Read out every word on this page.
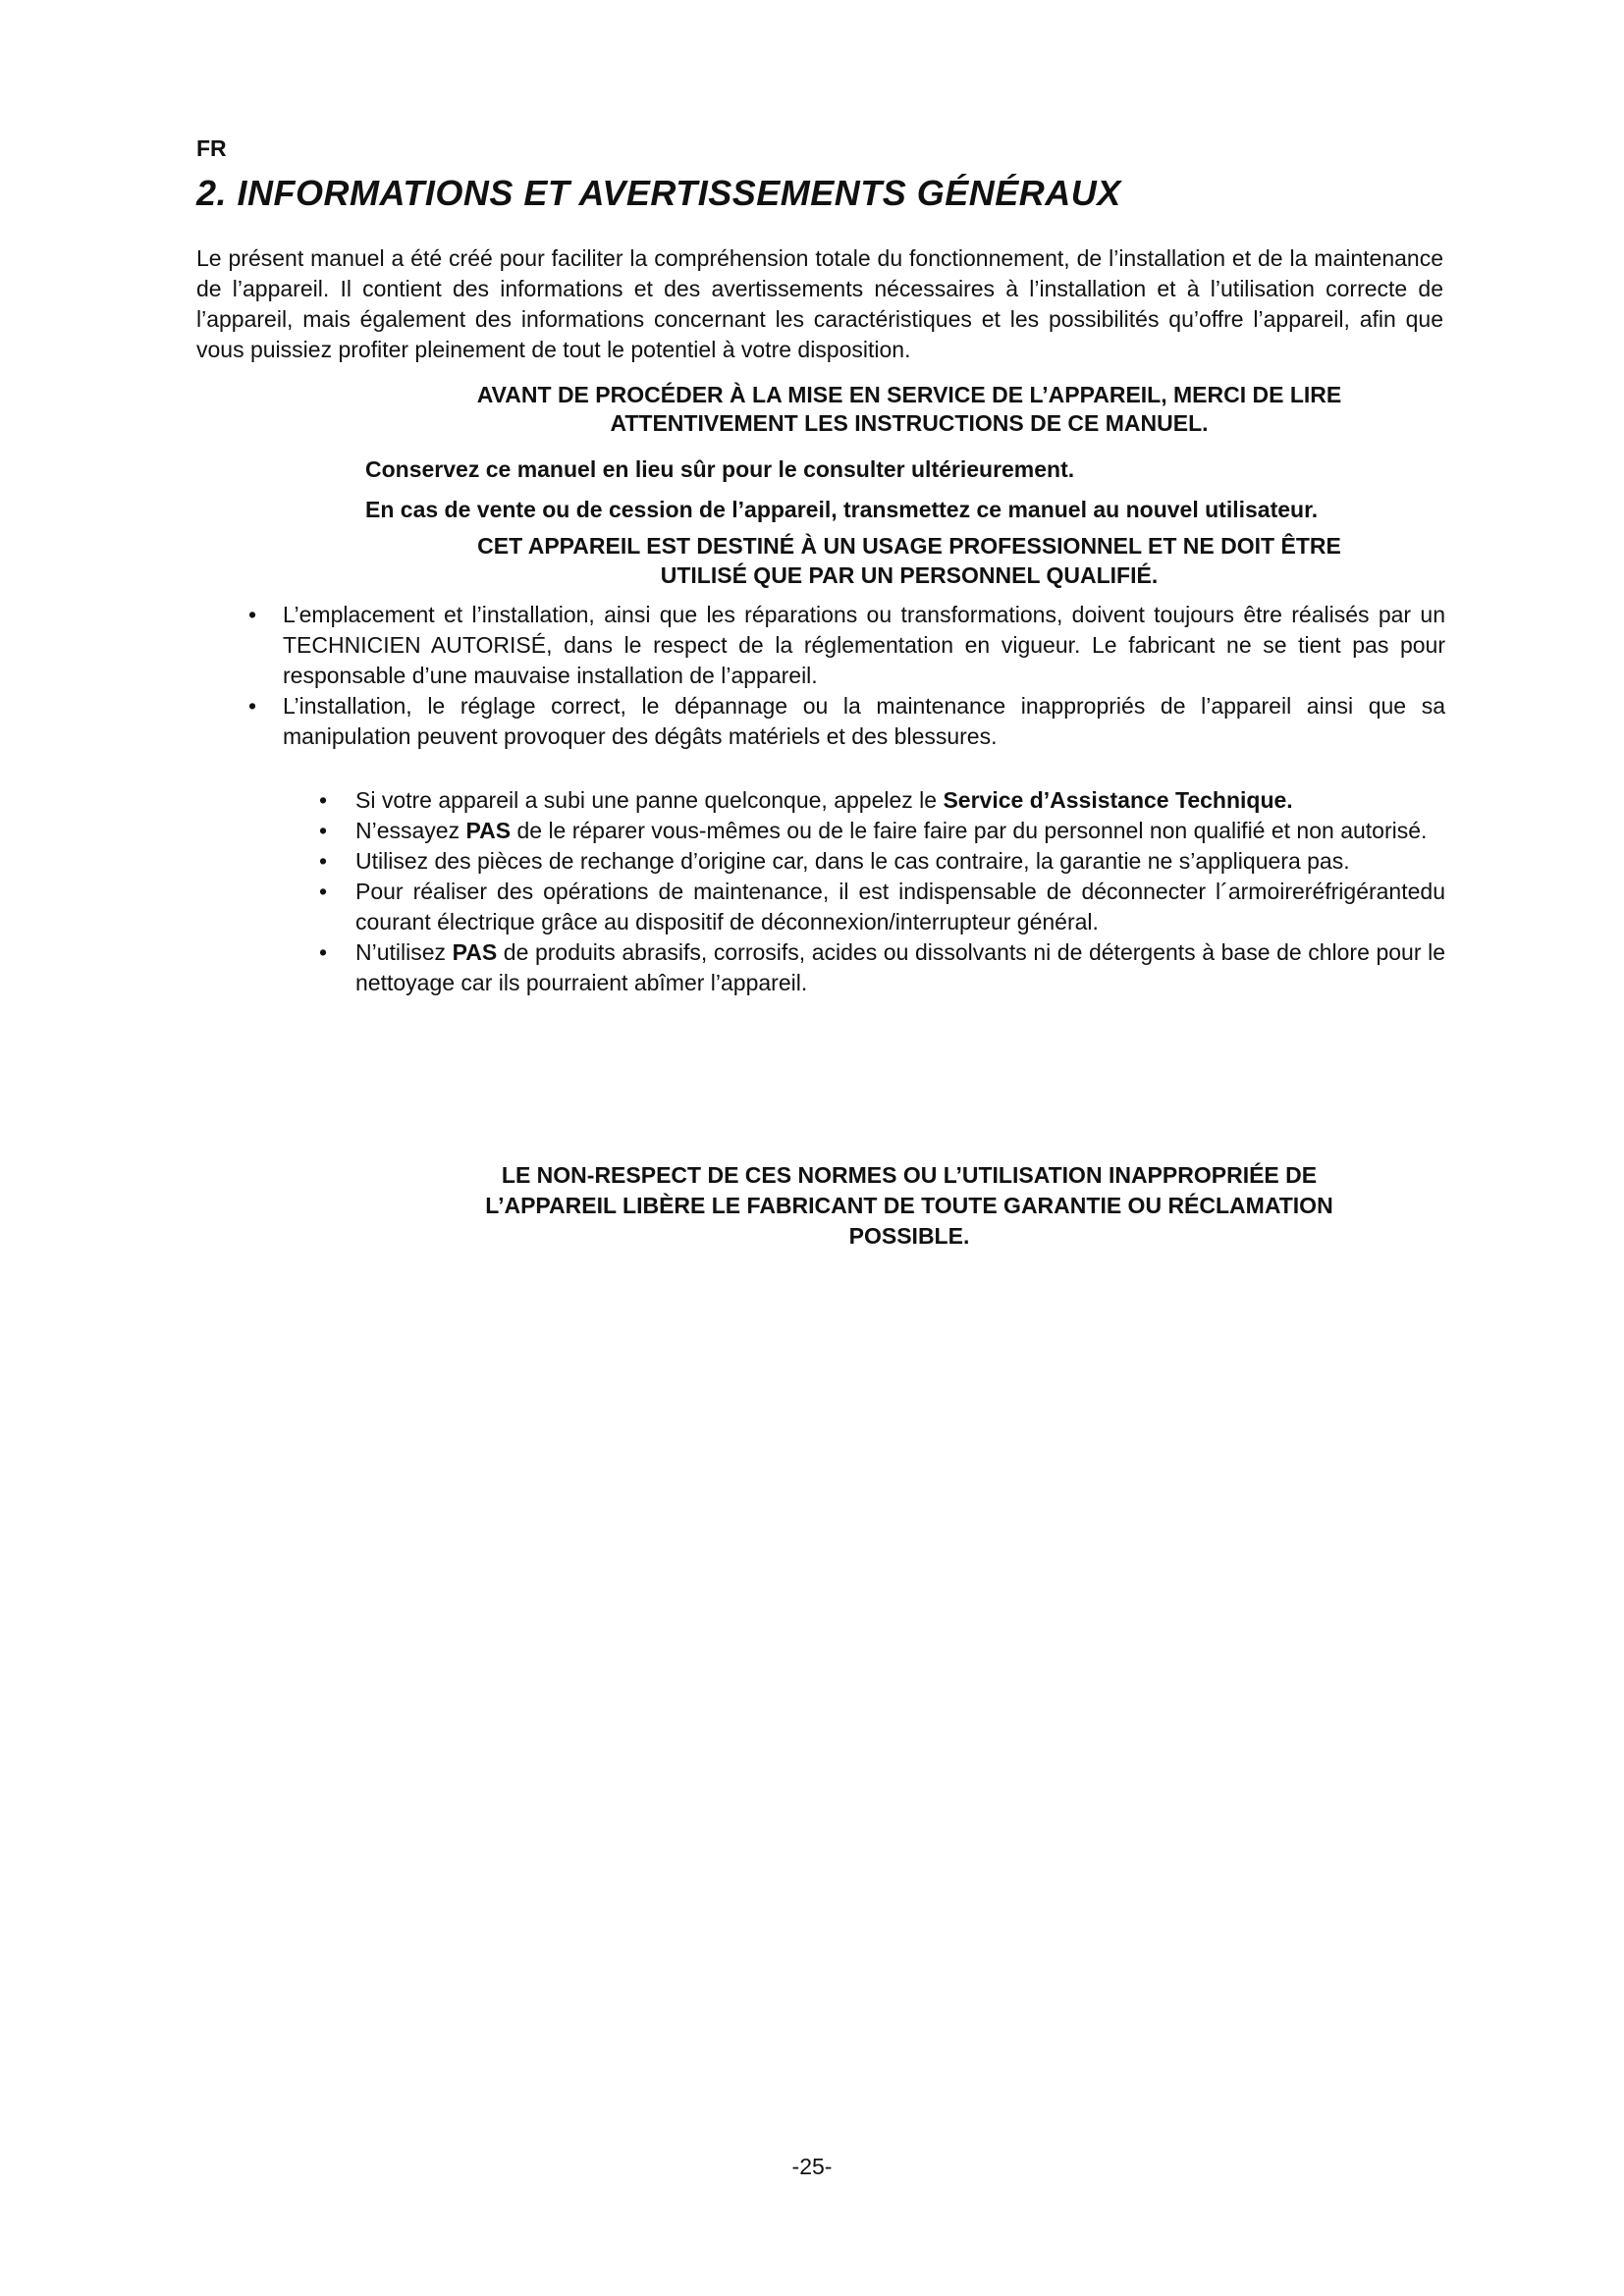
FR
2. INFORMATIONS ET AVERTISSEMENTS GÉNÉRAUX

Le présent manuel a été créé pour faciliter la compréhension totale du fonctionnement, de l’installation et de la maintenance de l’appareil. Il contient des informations et des avertissements nécessaires à l’installation et à l’utilisation correcte de l’appareil, mais également des informations concernant les caractéristiques et les possibilités qu’offre l’appareil, afin que vous puissiez profiter pleinement de tout le potentiel à votre disposition.

AVANT DE PROCÉDER À LA MISE EN SERVICE DE L’APPAREIL, MERCI DE LIRE
ATTENTIVEMENT LES INSTRUCTIONS DE CE MANUEL.

Conservez ce manuel en lieu sûr pour le consulter ultérieurement.

En cas de vente ou de cession de l’appareil, transmettez ce manuel au nouvel utilisateur.

CET APPAREIL EST DESTINÉ À UN USAGE PROFESSIONNEL ET NE DOIT ÊTRE
UTILISÉ QUE PAR UN PERSONNEL QUALIFIÉ.
•	L’emplacement et l’installation, ainsi que les réparations ou transformations, doivent toujours être réalisés par un TECHNICIEN AUTORISÉ, dans le respect de la réglementation en vigueur. Le fabricant ne se tient pas pour responsable d’une mauvaise installation de l’appareil.
•	L’installation, le réglage correct, le dépannage ou la maintenance inappropriés de l’appareil ainsi que sa manipulation peuvent provoquer des dégâts matériels et des blessures.
•	Si votre appareil a subi une panne quelconque, appelez le Service d’Assistance Technique.
•	N’essayez PAS de le réparer vous-mêmes ou de le faire faire par du personnel non qualifié et non autorisé.
•	Utilisez des pièces de rechange d’origine car, dans le cas contraire, la garantie ne s’appliquera pas.
•	Pour réaliser des opérations de maintenance, il est indispensable de déconnecter l´armoireréfrigérantedu courant électrique grâce au dispositif de déconnexion/interrupteur général.
•	N’utilisez PAS de produits abrasifs, corrosifs, acides ou dissolvants ni de détergents à base de chlore pour le nettoyage car ils pourraient abîmer l’appareil.
LE NON-RESPECT DE CES NORMES OU L’UTILISATION INAPPROPRIÉE DE
L’APPAREIL LIBÈRE LE FABRICANT DE TOUTE GARANTIE OU RÉCLAMATION
POSSIBLE.
-25-
